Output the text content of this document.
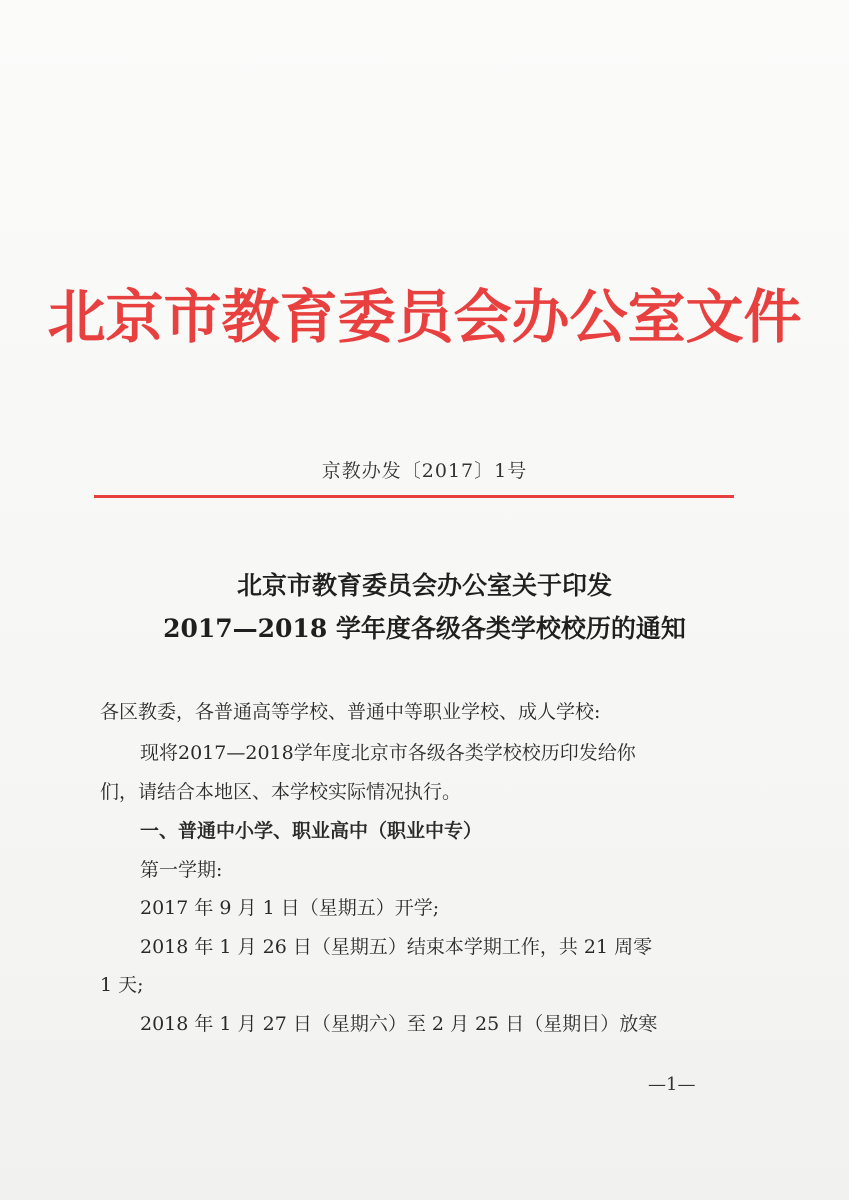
北京市教育委员会办公室文件
京教办发〔2017〕1号
北京市教育委员会办公室关于印发
2017—2018 学年度各级各类学校校历的通知
各区教委，各普通高等学校、普通中等职业学校、成人学校:
现将2017—2018学年度北京市各级各类学校校历印发给你
们，请结合本地区、本学校实际情况执行。
一、普通中小学、职业高中（职业中专）
第一学期:
2017 年 9 月 1 日（星期五）开学;
2018 年 1 月 26 日（星期五）结束本学期工作，共 21 周零
1 天;
2018 年 1 月 27 日（星期六）至 2 月 25 日（星期日）放寒
—1—
